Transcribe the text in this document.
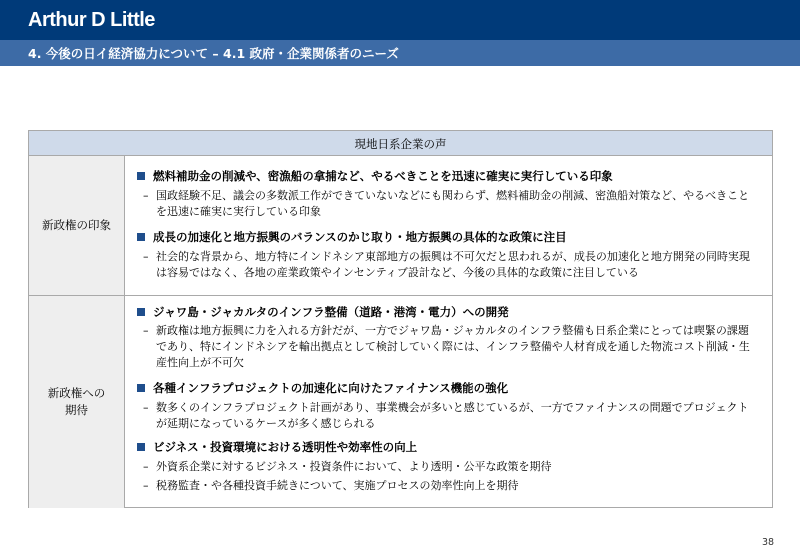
Arthur D Little
4. 今後の日イ経済協力について – 4.1 政府・企業関係者のニーズ
現地日系企業の声
新政権の印象
燃料補助金の削減や、密漁船の拿捕など、やるべきことを迅速に確実に実行している印象
– 国政経験不足、議会の多数派工作ができていないなどにも関わらず、燃料補助金の削減、密漁船対策など、やるべきことを迅速に確実に実行している印象
成長の加速化と地方振興のバランスのかじ取り・地方振興の具体的な政策に注目
– 社会的な背景から、地方特にインドネシア東部地方の振興は不可欠だと思われるが、成長の加速化と地方開発の同時実現は容易ではなく、各地の産業政策やインセンティブ設計など、今後の具体的な政策に注目している
新政権への
期待
ジャワ島・ジャカルタのインフラ整備（道路・港湾・電力）への開発
– 新政権は地方振興に力を入れる方針だが、一方でジャワ島・ジャカルタのインフラ整備も日系企業にとっては喫緊の課題であり、特にインドネシアを輸出拠点として検討していく際には、インフラ整備や人材育成を通した物流コスト削減・生産性向上が不可欠
各種インフラプロジェクトの加速化に向けたファイナンス機能の強化
– 数多くのインフラプロジェクト計画があり、事業機会が多いと感じているが、一方でファイナンスの問題でプロジェクトが延期になっているケースが多く感じられる
ビジネス・投資環境における透明性や効率性の向上
– 外資系企業に対するビジネス・投資条件において、より透明・公平な政策を期待
– 税務監査・や各種投資手続きについて、実施プロセスの効率性向上を期待
38
